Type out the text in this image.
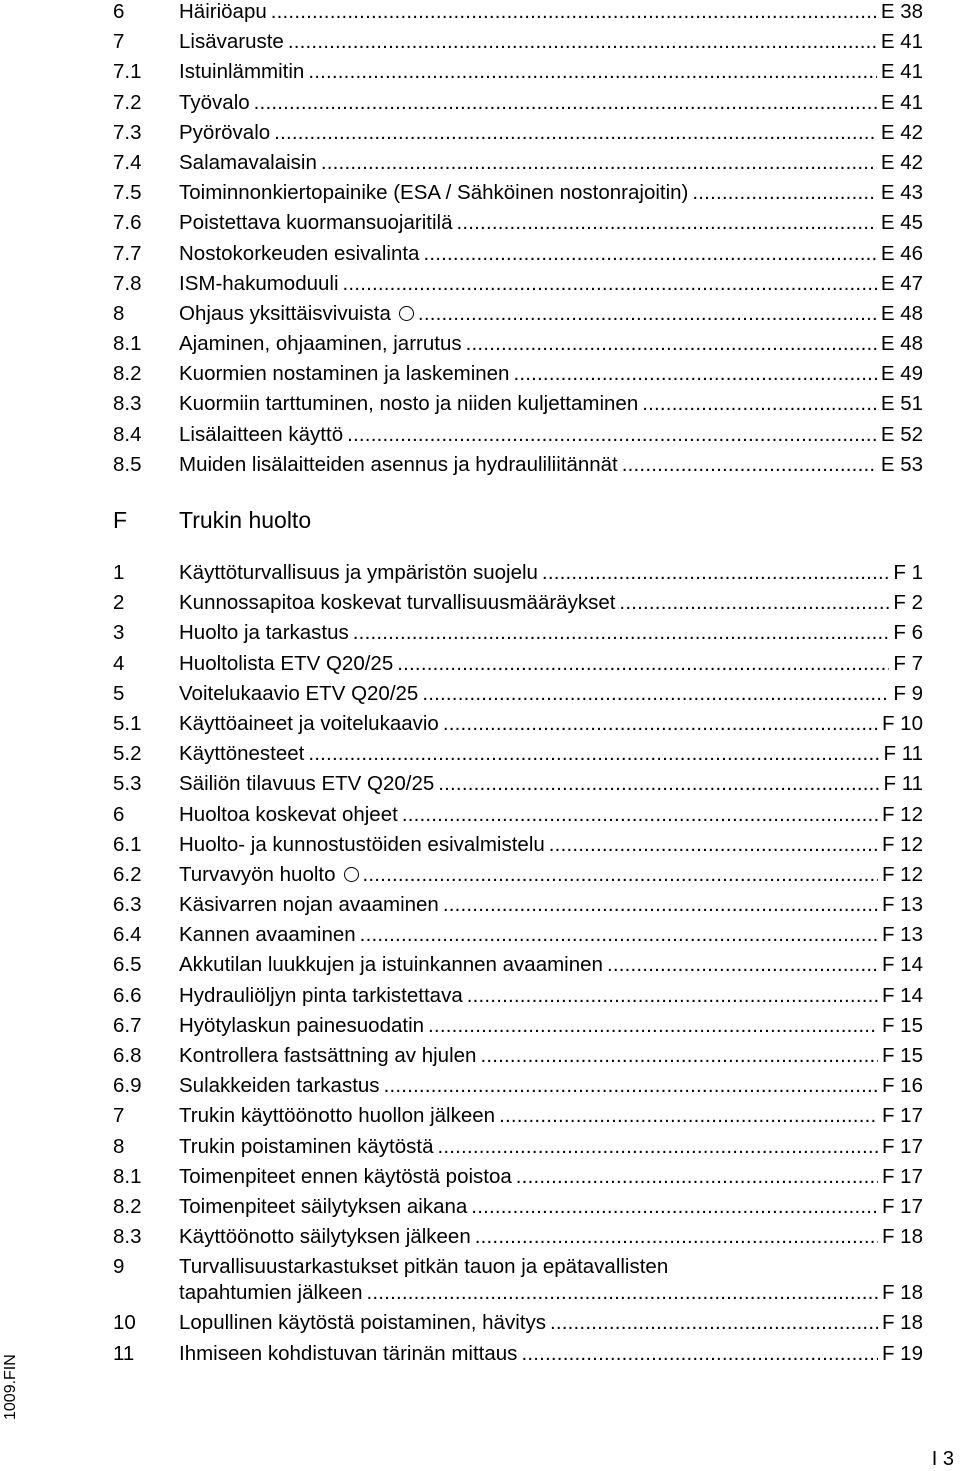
6	Häiriöapu .....	E 38
7	Lisävaruste .....	E 41
7.1 Istuinlämmitin .....	E 41
7.2 Työvalo .....	E 41
7.3 Pyörövalo .....	E 42
7.4 Salamavalaisin .....	E 42
7.5 Toiminnonkiertopainike (ESA / Sähköinen nostonrajoitin) .....	E 43
7.6 Poistettava kuormansuojaritilä .....	E 45
7.7 Nostokorkeuden esivalinta .....	E 46
7.8 ISM-hakumoduuli .....	E 47
8	Ohjaus yksittäisvivuista .....	E 48
8.1 Ajaminen, ohjaaminen, jarrutus .....	E 48
8.2 Kuormien nostaminen ja laskeminen .....	E 49
8.3 Kuormiin tarttuminen, nosto ja niiden kuljettaminen .....	E 51
8.4 Lisälaitteen käyttö .....	E 52
8.5 Muiden lisälaitteiden asennus ja hydrauliliitännät .....	E 53
F Trukin huolto
1	Käyttöturvallisuus ja ympäristön suojelu .....	F 1
2	Kunnossapitoa koskevat turvallisuusmääräykset .....	F 2
3	Huolto ja tarkastus .....	F 6
4	Huoltolista ETV Q20/25 .....	F 7
5	Voitelukaavio ETV Q20/25 .....	F 9
5.1 Käyttöaineet ja voitelukaavio .....	F 10
5.2 Käyttönesteet .....	F 11
5.3 Säiliön tilavuus ETV Q20/25 .....	F 11
6	Huoltoa koskevat ohjeet .....	F 12
6.1 Huolto- ja kunnostustöiden esivalmistelu .....	F 12
6.2 Turvavyön huolto .....	F 12
6.3 Käsivarren nojan avaaminen .....	F 13
6.4 Kannen avaaminen .....	F 13
6.5 Akkutilan luukkujen ja istuinkannen avaaminen .....	F 14
6.6 Hydrauliöljyn pinta tarkistettava .....	F 14
6.7 Hyötylaskun painesuodatin .....	F 15
6.8 Kontrollera fastsättning av hjulen .....	F 15
6.9 Sulakkeiden tarkastus .....	F 16
7	Trukin käyttöönotto huollon jälkeen .....	F 17
8	Trukin poistaminen käytöstä .....	F 17
8.1 Toimenpiteet ennen käytöstä poistoa .....	F 17
8.2 Toimenpiteet säilytyksen aikana .....	F 17
8.3 Käyttöönotto säilytyksen jälkeen .....	F 18
9	Turvallisuustarkastukset pitkän tauon ja epätavallisten
tapahtumien jälkeen .....	F 18
10 Lopullinen käytöstä poistaminen, hävitys .....	F 18
11 Ihmiseen kohdistuvan tärinän mittaus .....	F 19
1009.FIN
I 3
